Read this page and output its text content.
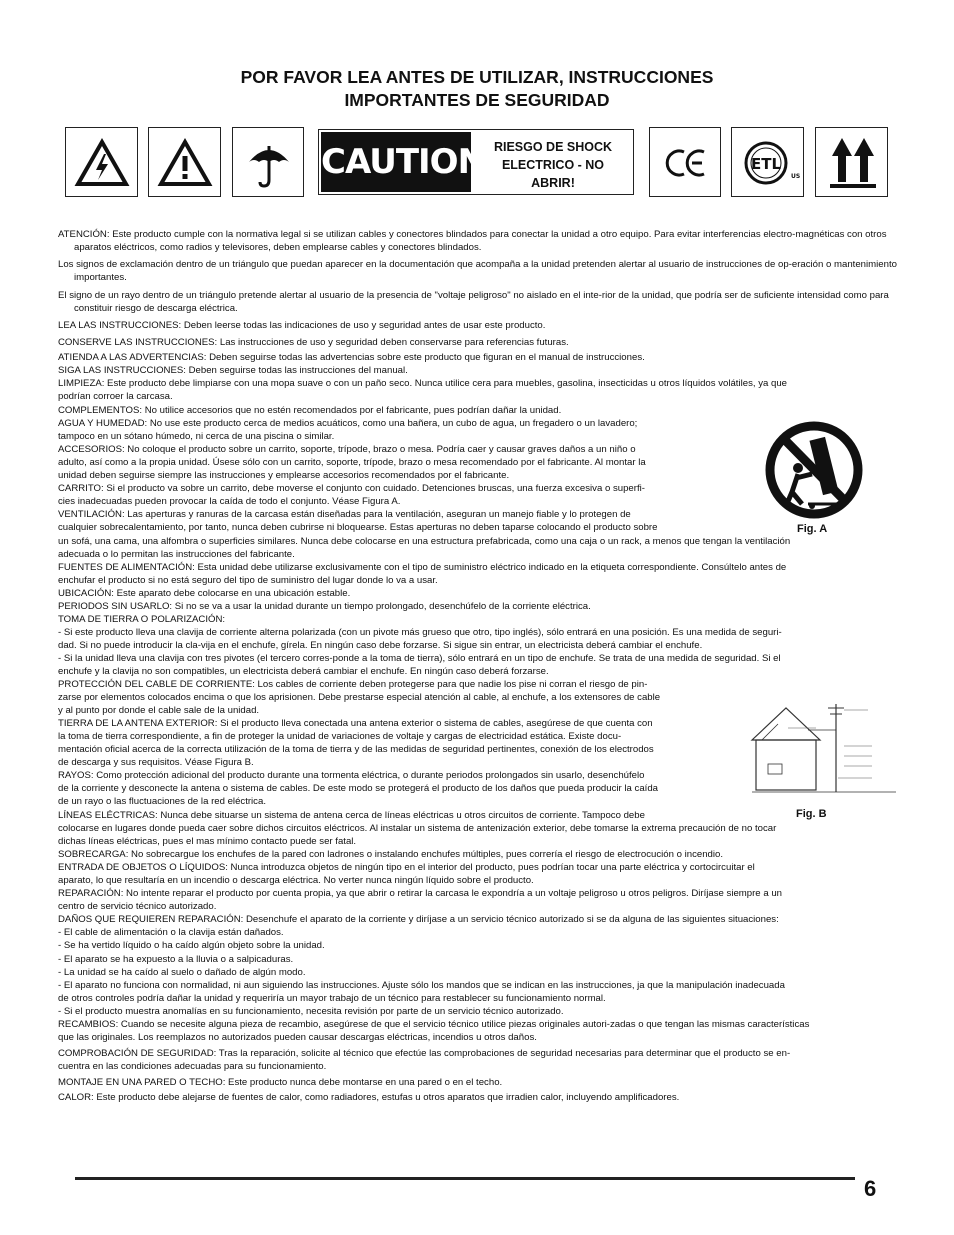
POR FAVOR LEA ANTES DE UTILIZAR, INSTRUCCIONES
IMPORTANTES DE SEGURIDAD
CAUTION RIESGO DE SHOCK
ELECTRICO - NO
ABRIR!
ETL
US
ATENCIÓN: Este producto cumple con la normativa legal si se utilizan cables y conectores blindados para conectar la unidad a otro equipo. Para evitar interferencias electro-magnéticas con otros aparatos eléctricos, como radios y televisores, deben emplearse cables y conectores blindados.
Los signos de exclamación dentro de un triángulo que puedan aparecer en la documentación que acompaña a la unidad pretenden alertar al usuario de instrucciones de op-eración o mantenimiento importantes.
El signo de un rayo dentro de un triángulo pretende alertar al usuario de la presencia de "voltaje peligroso" no aislado en el inte-rior de la unidad, que podría ser de suficiente intensidad como para constituir riesgo de descarga eléctrica.
LEA LAS INSTRUCCIONES: Deben leerse todas las indicaciones de uso y seguridad antes de usar este producto.
CONSERVE LAS INSTRUCCIONES: Las instrucciones de uso y seguridad deben conservarse para referencias futuras.
ATIENDA A LAS ADVERTENCIAS: Deben seguirse todas las advertencias sobre este producto que figuran en el manual de instrucciones.
SIGA LAS INSTRUCCIONES: Deben seguirse todas las instrucciones del manual.
LIMPIEZA: Este producto debe limpiarse con una mopa suave o con un paño seco. Nunca utilice cera para muebles, gasolina, insecticidas u otros líquidos volátiles, ya que
podrían corroer la carcasa.
COMPLEMENTOS: No utilice accesorios que no estén recomendados por el fabricante, pues podrían dañar la unidad.
AGUA Y HUMEDAD: No use este producto cerca de medios acuáticos, como una bañera, un cubo de agua, un fregadero o un lavadero;
tampoco en un sótano húmedo, ni cerca de una piscina o similar.
ACCESORIOS: No coloque el producto sobre un carrito, soporte, trípode, brazo o mesa. Podría caer y causar graves daños a un niño o
adulto, así como a la propia unidad. Úsese sólo con un carrito, soporte, trípode, brazo o mesa recomendado por el fabricante. Al montar la
unidad deben seguirse siempre las instrucciones y emplearse accesorios recomendados por el fabricante.
CARRITO: Si el producto va sobre un carrito, debe moverse el conjunto con cuidado. Detenciones bruscas, una fuerza excesiva o superfi-
cies inadecuadas pueden provocar la caída de todo el conjunto. Véase Figura A.
VENTILACIÓN: Las aperturas y ranuras de la carcasa están diseñadas para la ventilación, aseguran un manejo fiable y lo protegen de
cualquier sobrecalentamiento, por tanto, nunca deben cubrirse ni bloquearse. Estas aperturas no deben taparse colocando el producto sobre
un sofá, una cama, una alfombra o superficies similares. Nunca debe colocarse en una estructura prefabricada, como una caja o un rack, a menos que tengan la ventilación
adecuada o lo permitan las instrucciones del fabricante.
FUENTES DE ALIMENTACIÓN: Esta unidad debe utilizarse exclusivamente con el tipo de suministro eléctrico indicado en la etiqueta correspondiente. Consúltelo antes de
enchufar el producto si no está seguro del tipo de suministro del lugar donde lo va a usar.
UBICACIÓN: Este aparato debe colocarse en una ubicación estable.
PERIODOS SIN USARLO: Si no se va a usar la unidad durante un tiempo prolongado, desenchúfelo de la corriente eléctrica.
TOMA DE TIERRA O POLARIZACIÓN:
- Si este producto lleva una clavija de corriente alterna polarizada (con un pivote más grueso que otro, tipo inglés), sólo entrará en una posición. Es una medida de seguri-
dad. Si no puede introducir la cla-vija en el enchufe, gírela. En ningún caso debe forzarse. Si sigue sin entrar, un electricista deberá cambiar el enchufe.
- Si la unidad lleva una clavija con tres pivotes (el tercero corres-ponde a la toma de tierra), sólo entrará en un tipo de enchufe. Se trata de una medida de seguridad. Si el
enchufe y la clavija no son compatibles, un electricista deberá cambiar el enchufe. En ningún caso deberá forzarse.
PROTECCIÓN DEL CABLE DE CORRIENTE: Los cables de corriente deben protegerse para que nadie los pise ni corran el riesgo de pin-
zarse por elementos colocados encima o que los aprisionen. Debe prestarse especial atención al cable, al enchufe, a los extensores de cable
y al punto por donde el cable sale de la unidad.
TIERRA DE LA ANTENA EXTERIOR: Si el producto lleva conectada una antena exterior o sistema de cables, asegúrese de que cuenta con
la toma de tierra correspondiente, a fin de proteger la unidad de variaciones de voltaje y cargas de electricidad estática. Existe docu-
mentación oficial acerca de la correcta utilización de la toma de tierra y de las medidas de seguridad pertinentes, conexión de los electrodos
de descarga y sus requisitos. Véase Figura B.
RAYOS: Como protección adicional del producto durante una tormenta eléctrica, o durante periodos prolongados sin usarlo, desenchúfelo
de la corriente y desconecte la antena o sistema de cables. De este modo se protegerá el producto de los daños que pueda producir la caída
de un rayo o las fluctuaciones de la red eléctrica.
LÍNEAS ELÉCTRICAS: Nunca debe situarse un sistema de antena cerca de líneas eléctricas u otros circuitos de corriente. Tampoco debe
colocarse en lugares donde pueda caer sobre dichos circuitos eléctricos. Al instalar un sistema de antenización exterior, debe tomarse la extrema precaución de no tocar
dichas líneas eléctricas, pues el mas mínimo contacto puede ser fatal.
SOBRECARGA: No sobrecargue los enchufes de la pared con ladrones o instalando enchufes múltiples, pues correría el riesgo de electrocución o incendio.
ENTRADA DE OBJETOS O LÍQUIDOS: Nunca introduzca objetos de ningún tipo en el interior del producto, pues podrían tocar una parte eléctrica y cortocircuitar el
aparato, lo que resultaría en un incendio o descarga eléctrica. No verter nunca ningún líquido sobre el producto.
REPARACIÓN: No intente reparar el producto por cuenta propia, ya que abrir o retirar la carcasa le expondría a un voltaje peligroso u otros peligros. Diríjase siempre a un
centro de servicio técnico autorizado.
DAÑOS QUE REQUIEREN REPARACIÓN: Desenchufe el aparato de la corriente y diríjase a un servicio técnico autorizado si se da alguna de las siguientes situaciones:
- El cable de alimentación o la clavija están dañados.
- Se ha vertido líquido o ha caído algún objeto sobre la unidad.
- El aparato se ha expuesto a la lluvia o a salpicaduras.
- La unidad se ha caído al suelo o dañado de algún modo.
- El aparato no funciona con normalidad, ni aun siguiendo las instrucciones. Ajuste sólo los mandos que se indican en las instrucciones, ja que la manipulación inadecuada
de otros controles podría dañar la unidad y requeriría un mayor trabajo de un técnico para restablecer su funcionamiento normal.
- Si el producto muestra anomalías en su funcionamiento, necesita revisión por parte de un servicio técnico autorizado.
RECAMBIOS: Cuando se necesite alguna pieza de recambio, asegúrese de que el servicio técnico utilice piezas originales autori-zadas o que tengan las mismas características
que las originales. Los reemplazos no autorizados pueden causar descargas eléctricas, incendios u otros daños.
COMPROBACIÓN DE SEGURIDAD: Tras la reparación, solicite al técnico que efectúe las comprobaciones de seguridad necesarias para determinar que el producto se en-
cuentra en las condiciones adecuadas para su funcionamiento.
MONTAJE EN UNA PARED O TECHO: Este producto nunca debe montarse en una pared o en el techo.
CALOR: Este producto debe alejarse de fuentes de calor, como radiadores, estufas u otros aparatos que irradien calor, incluyendo amplificadores.
Fig. A
Fig. B
6
